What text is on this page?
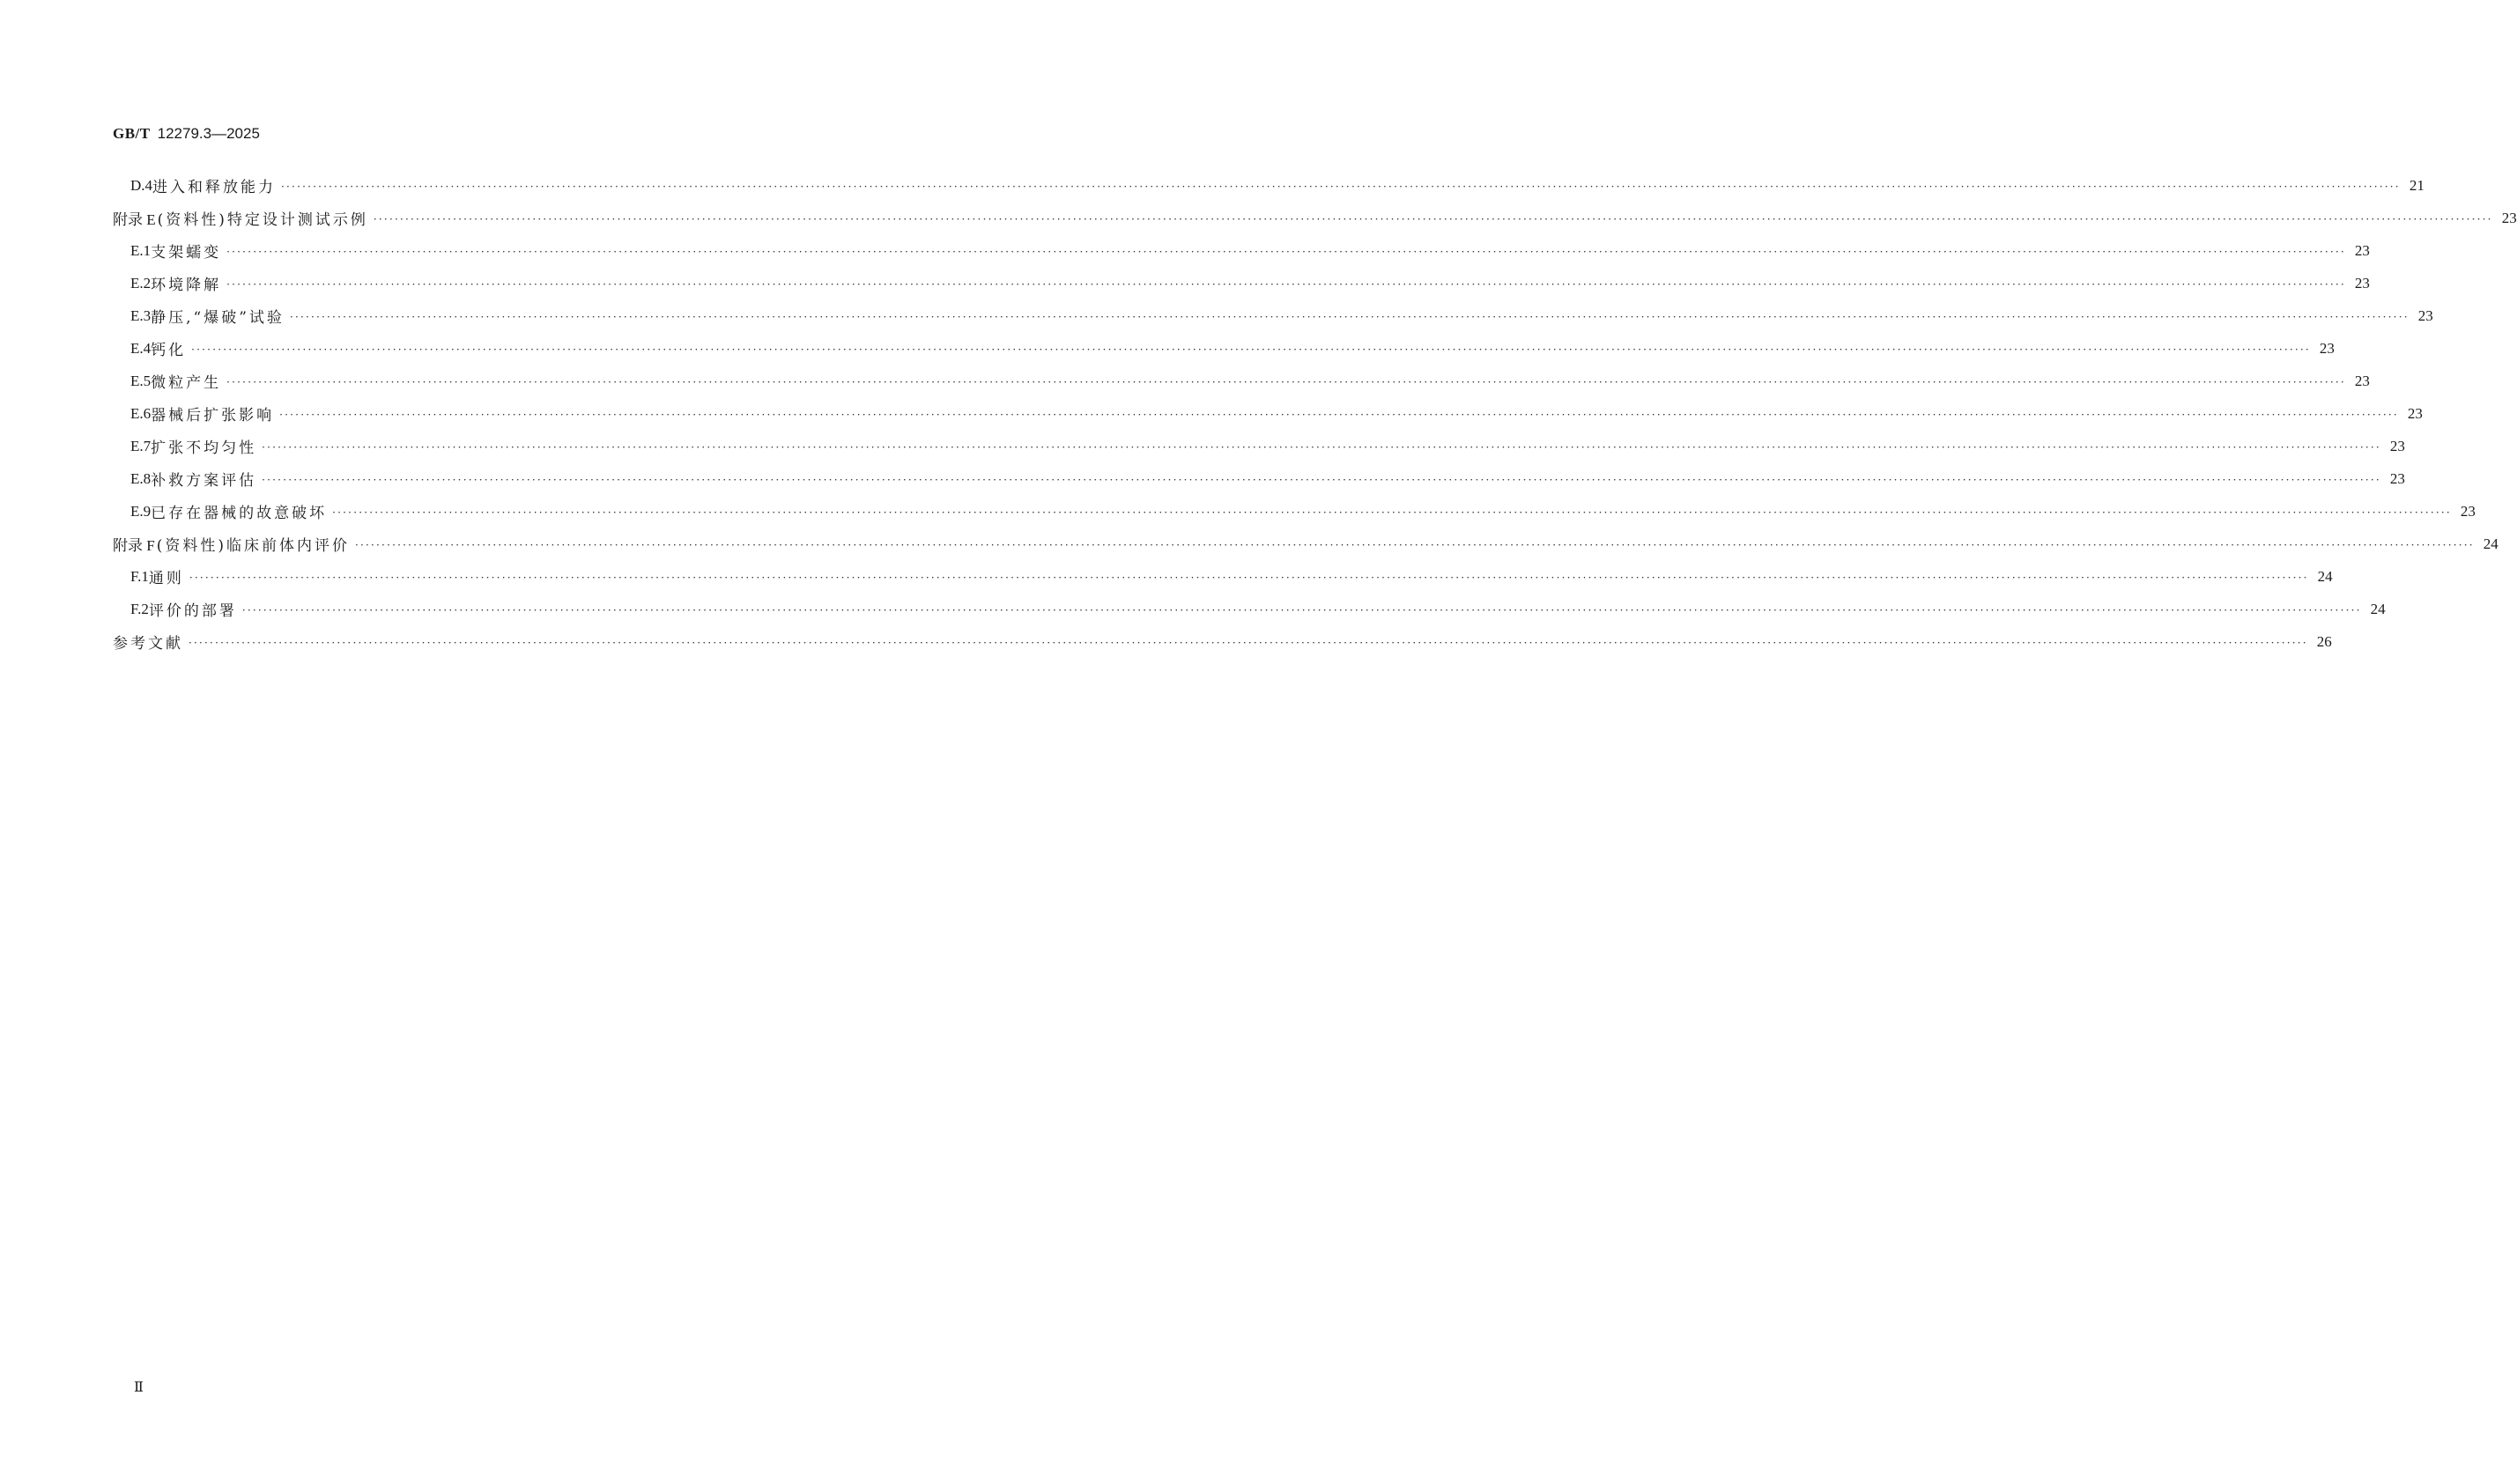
GB/T 12279.3—2025
D.4 进入和释放能力 ················································································································································································································································································································································································································ 21
附录 E (资料性) 特定设计测试示例 ················································································································································································································································································································································································································ 23
E.1 支架蠕变 ················································································································································································································································································································································································································ 23
E.2 环境降解 ················································································································································································································································································································································································································ 23
E.3 静压,“爆破”试验 ················································································································································································································································································································································································································ 23
E.4 钙化 ················································································································································································································································································································································································································ 23
E.5 微粒产生 ················································································································································································································································································································································································································ 23
E.6 器械后扩张影响 ················································································································································································································································································································································································································ 23
E.7 扩张不均匀性 ················································································································································································································································································································································································································ 23
E.8 补救方案评估 ················································································································································································································································································································································································································ 23
E.9 已存在器械的故意破坏 ················································································································································································································································································································································································································ 23
附录 F (资料性) 临床前体内评价 ················································································································································································································································································································································································································ 24
F.1 通则 ················································································································································································································································································································································································································ 24
F.2 评价的部署 ················································································································································································································································································································································································································ 24
参考文献 ················································································································································································································································································································································································································ 26
Ⅱ
